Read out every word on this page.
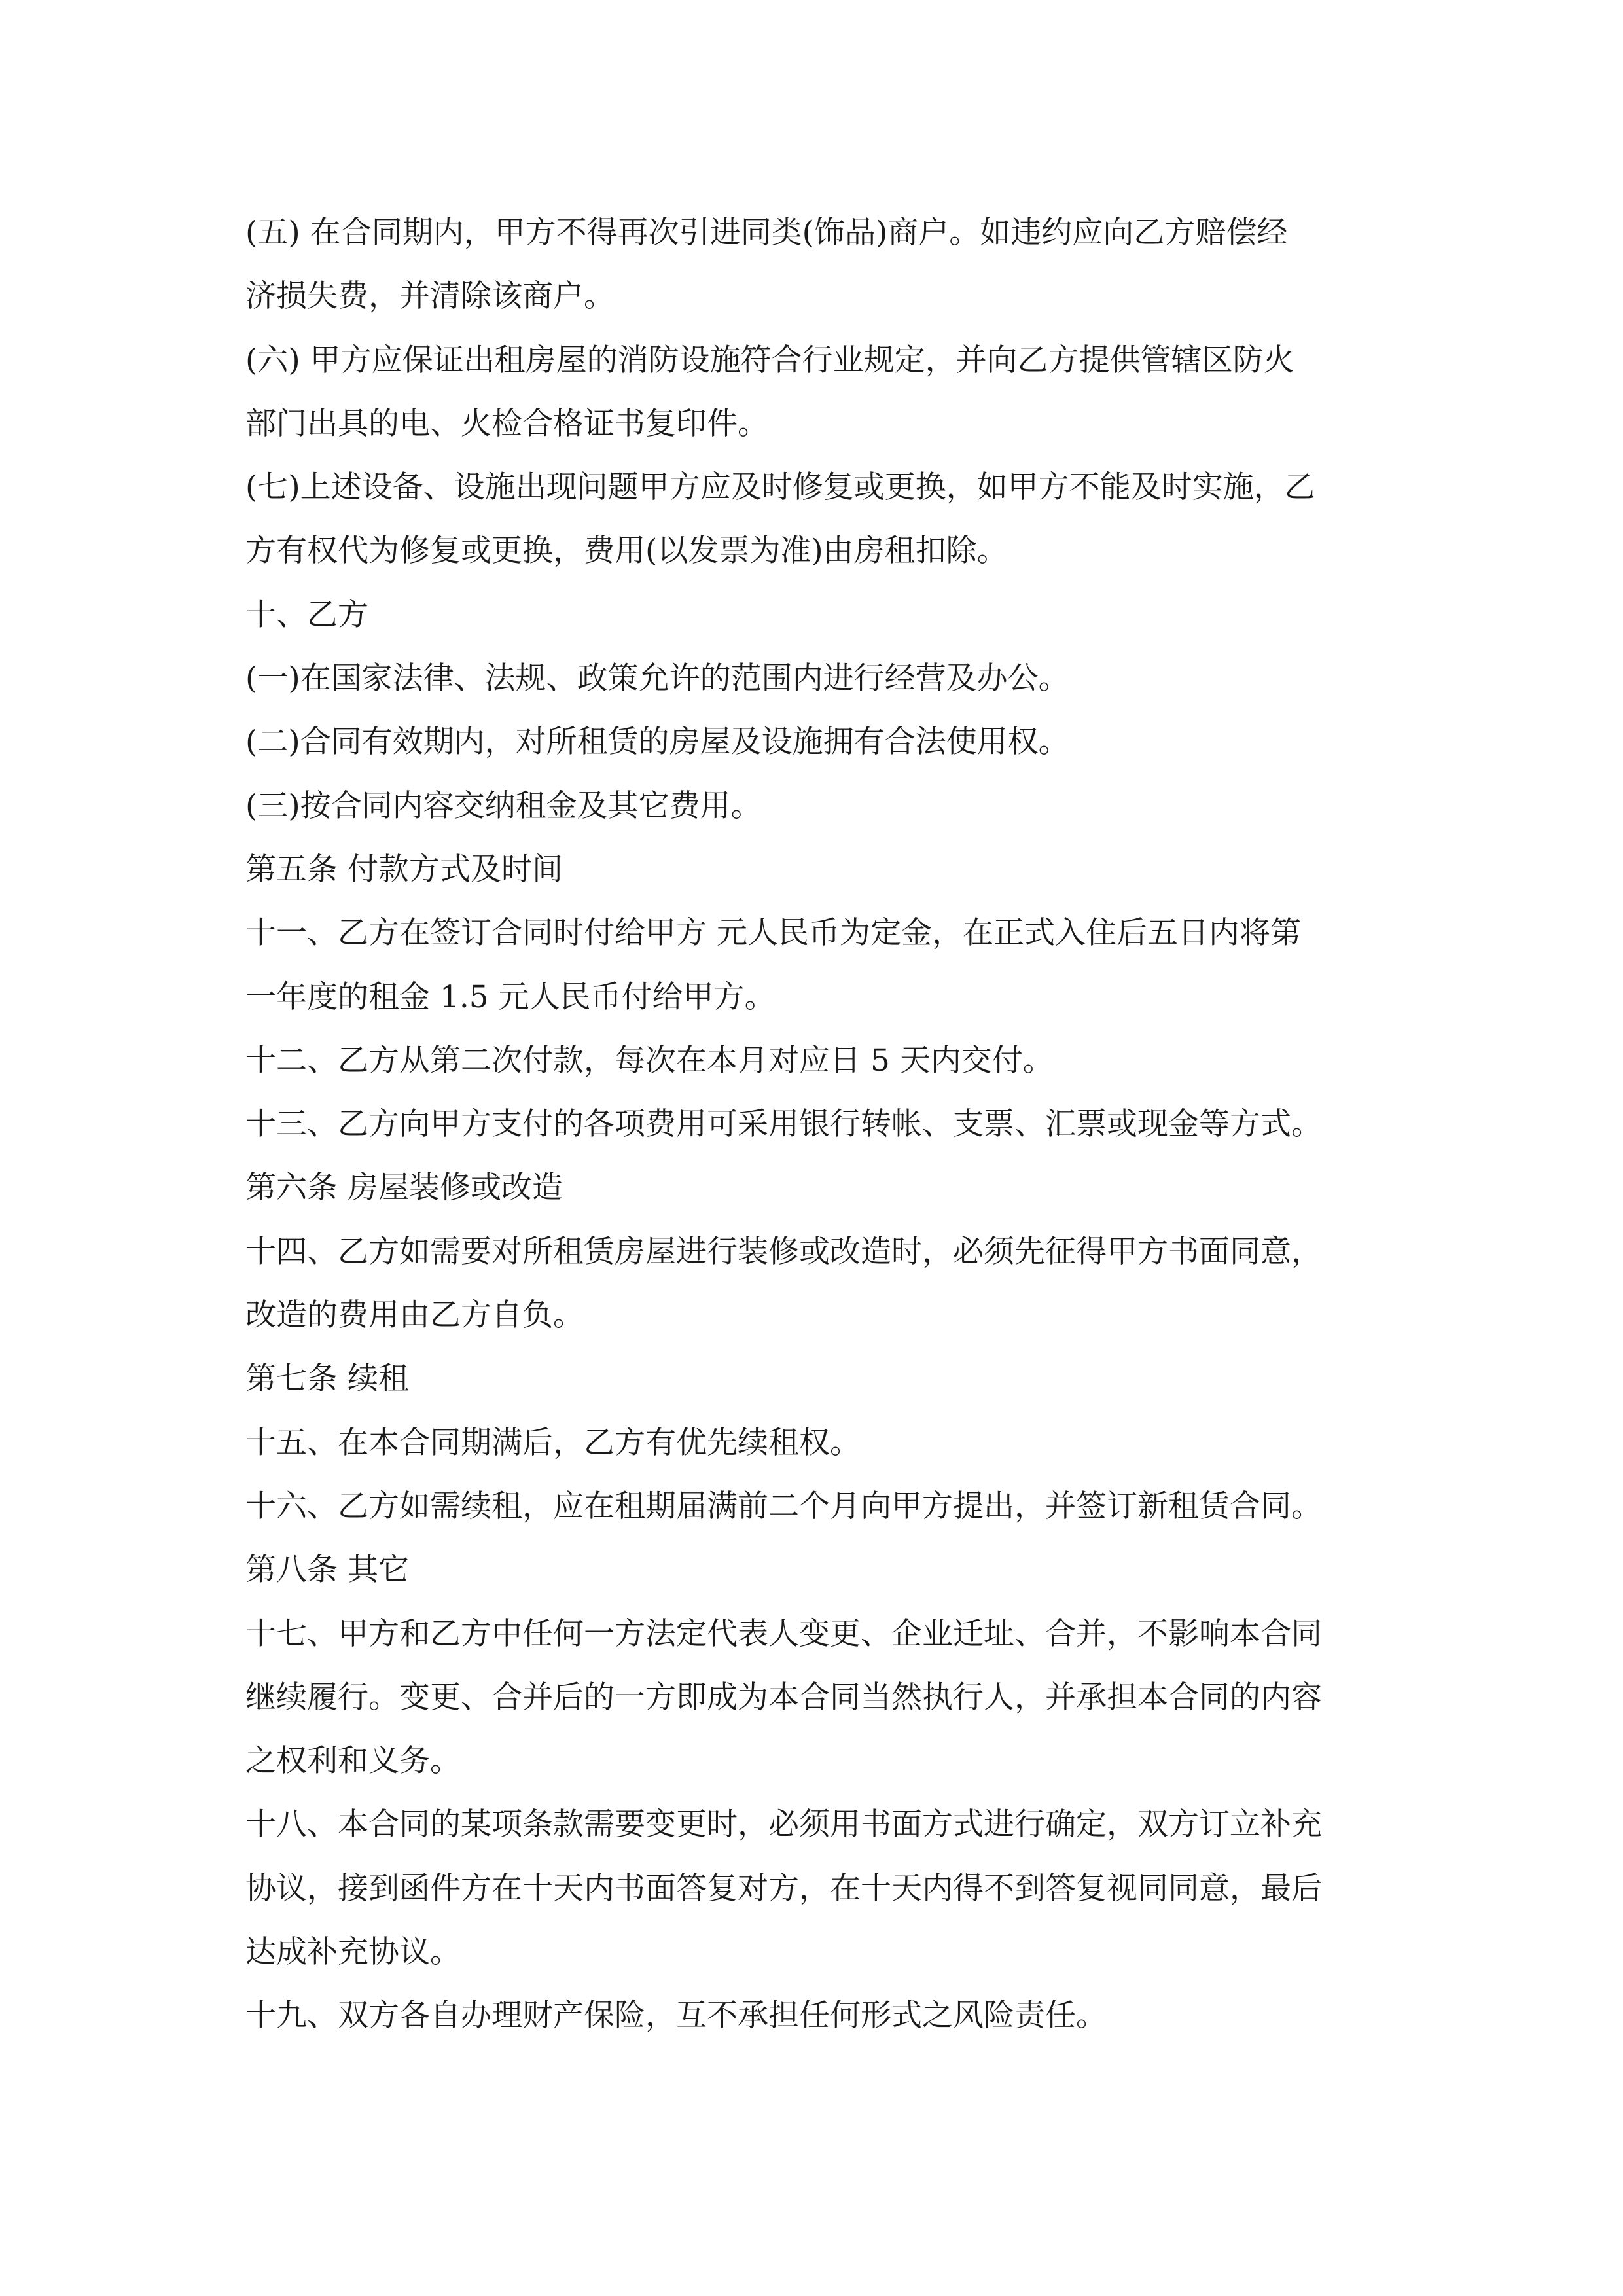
(五) 在合同期内，甲方不得再次引进同类(饰品)商户。如违约应向乙方赔偿经
济损失费，并清除该商户。

(六) 甲方应保证出租房屋的消防设施符合行业规定，并向乙方提供管辖区防火
部门出具的电、火检合格证书复印件。

(七)上述设备、设施出现问题甲方应及时修复或更换，如甲方不能及时实施，乙
方有权代为修复或更换，费用(以发票为准)由房租扣除。

十、乙方

(一)在国家法律、法规、政策允许的范围内进行经营及办公。

(二)合同有效期内，对所租赁的房屋及设施拥有合法使用权。

(三)按合同内容交纳租金及其它费用。

第五条 付款方式及时间

十一、乙方在签订合同时付给甲方 元人民币为定金，在正式入住后五日内将第
一年度的租金 1.5 元人民币付给甲方。

十二、乙方从第二次付款，每次在本月对应日 5 天内交付。

十三、乙方向甲方支付的各项费用可采用银行转帐、支票、汇票或现金等方式。

第六条 房屋装修或改造

十四、乙方如需要对所租赁房屋进行装修或改造时，必须先征得甲方书面同意，
改造的费用由乙方自负。

第七条 续租

十五、在本合同期满后，乙方有优先续租权。

十六、乙方如需续租，应在租期届满前二个月向甲方提出，并签订新租赁合同。

第八条 其它

十七、甲方和乙方中任何一方法定代表人变更、企业迁址、合并，不影响本合同
继续履行。变更、合并后的一方即成为本合同当然执行人，并承担本合同的内容
之权利和义务。

十八、本合同的某项条款需要变更时，必须用书面方式进行确定，双方订立补充
协议，接到函件方在十天内书面答复对方，在十天内得不到答复视同同意，最后
达成补充协议。

十九、双方各自办理财产保险，互不承担任何形式之风险责任。
